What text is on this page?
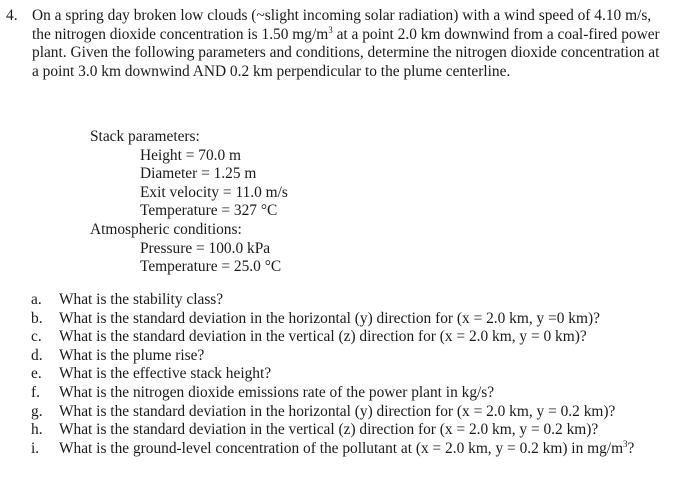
4. On a spring day broken low clouds (~slight incoming solar radiation) with a wind speed of 4.10 m/s, the nitrogen dioxide concentration is 1.50 $mg/m^3$ at a point 2.0 km downwind from a coal-fired power plant. Given the following parameters and conditions, determine the nitrogen dioxide concentration at a point 3.0 km downwind AND 0.2 km perpendicular to the plume centerline.
Stack parameters:
Height = 70.0 m
Diameter = 1.25 m
Exit velocity = 11.0 m/s
Temperature = 327 °C
Atmospheric conditions:
Pressure = 100.0 kPa
Temperature = 25.0 °C
a. What is the stability class?
b. What is the standard deviation in the horizontal (y) direction for (x = 2.0 km, y =0 km)?
c. What is the standard deviation in the vertical (z) direction for (x = 2.0 km, y = 0 km)?
d. What is the plume rise?
e. What is the effective stack height?
f. What is the nitrogen dioxide emissions rate of the power plant in kg/s?
g. What is the standard deviation in the horizontal (y) direction for (x = 2.0 km, y = 0.2 km)?
h. What is the standard deviation in the vertical (z) direction for (x = 2.0 km, y = 0.2 km)?
i. What is the ground-level concentration of the pollutant at (x = 2.0 km, y = 0.2 km) in $mg/m^3$?
